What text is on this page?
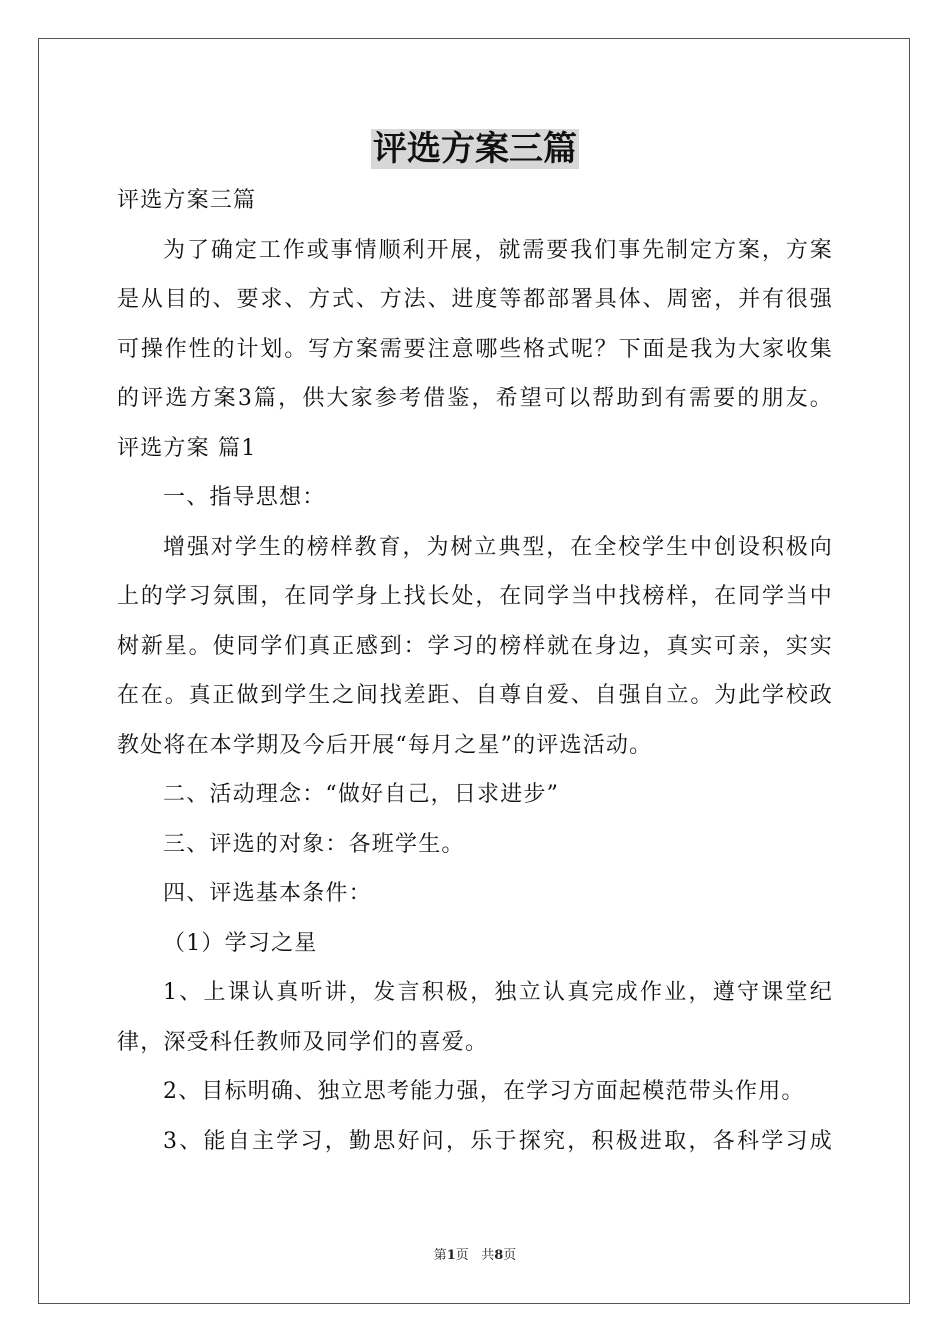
评选方案三篇
评选方案三篇
为了确定工作或事情顺利开展，就需要我们事先制定方案，方案
是从目的、要求、方式、方法、进度等都部署具体、周密，并有很强
可操作性的计划。写方案需要注意哪些格式呢？下面是我为大家收集
的评选方案3篇，供大家参考借鉴，希望可以帮助到有需要的朋友。
评选方案 篇1
一、指导思想：
增强对学生的榜样教育，为树立典型，在全校学生中创设积极向
上的学习氛围，在同学身上找长处，在同学当中找榜样，在同学当中
树新星。使同学们真正感到：学习的榜样就在身边，真实可亲，实实
在在。真正做到学生之间找差距、自尊自爱、自强自立。为此学校政
教处将在本学期及今后开展“每月之星”的评选活动。
二、活动理念：“做好自己，日求进步”
三、评选的对象：各班学生。
四、评选基本条件：
（1）学习之星
1、上课认真听讲，发言积极，独立认真完成作业，遵守课堂纪
律，深受科任教师及同学们的喜爱。
2、目标明确、独立思考能力强，在学习方面起模范带头作用。
3、能自主学习，勤思好问，乐于探究，积极进取，各科学习成
第1页 共8页
